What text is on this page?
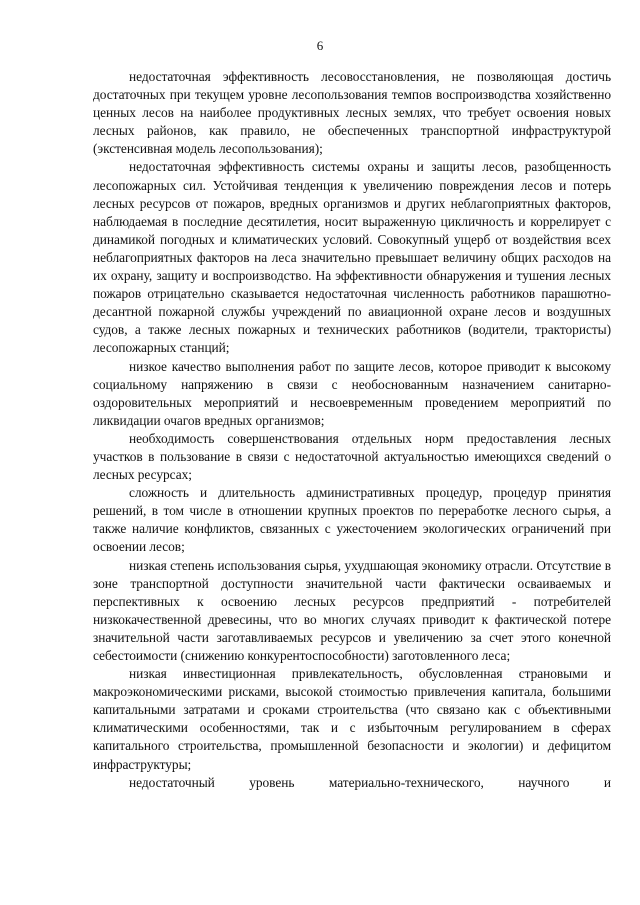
6

недостаточная эффективность лесовосстановления, не позволяющая достичь достаточных при текущем уровне лесопользования темпов воспроизводства хозяйственно ценных лесов на наиболее продуктивных лесных землях, что требует освоения новых лесных районов, как правило, не обеспеченных транспортной инфраструктурой (экстенсивная модель лесопользования);

недостаточная эффективность системы охраны и защиты лесов, разобщенность лесопожарных сил. Устойчивая тенденция к увеличению повреждения лесов и потерь лесных ресурсов от пожаров, вредных организмов и других неблагоприятных факторов, наблюдаемая в последние десятилетия, носит выраженную цикличность и коррелирует с динамикой погодных и климатических условий. Совокупный ущерб от воздействия всех неблагоприятных факторов на леса значительно превышает величину общих расходов на их охрану, защиту и воспроизводство. На эффективности обнаружения и тушения лесных пожаров отрицательно сказывается недостаточная численность работников парашютно-десантной пожарной службы учреждений по авиационной охране лесов и воздушных судов, а также лесных пожарных и технических работников (водители, трактористы) лесопожарных станций;

низкое качество выполнения работ по защите лесов, которое приводит к высокому социальному напряжению в связи с необоснованным назначением санитарно-оздоровительных мероприятий и несвоевременным проведением мероприятий по ликвидации очагов вредных организмов;

необходимость совершенствования отдельных норм предоставления лесных участков в пользование в связи с недостаточной актуальностью имеющихся сведений о лесных ресурсах;

сложность и длительность административных процедур, процедур принятия решений, в том числе в отношении крупных проектов по переработке лесного сырья, а также наличие конфликтов, связанных с ужесточением экологических ограничений при освоении лесов;

низкая степень использования сырья, ухудшающая экономику отрасли. Отсутствие в зоне транспортной доступности значительной части фактически осваиваемых и перспективных к освоению лесных ресурсов предприятий - потребителей низкокачественной древесины, что во многих случаях приводит к фактической потере значительной части заготавливаемых ресурсов и увеличению за счет этого конечной себестоимости (снижению конкурентоспособности) заготовленного леса;

низкая инвестиционная привлекательность, обусловленная страновыми и макроэкономическими рисками, высокой стоимостью привлечения капитала, большими капитальными затратами и сроками строительства (что связано как с объективными климатическими особенностями, так и с избыточным регулированием в сферах капитального строительства, промышленной безопасности и экологии) и дефицитом инфраструктуры;

недостаточный уровень материально-технического, научного и
